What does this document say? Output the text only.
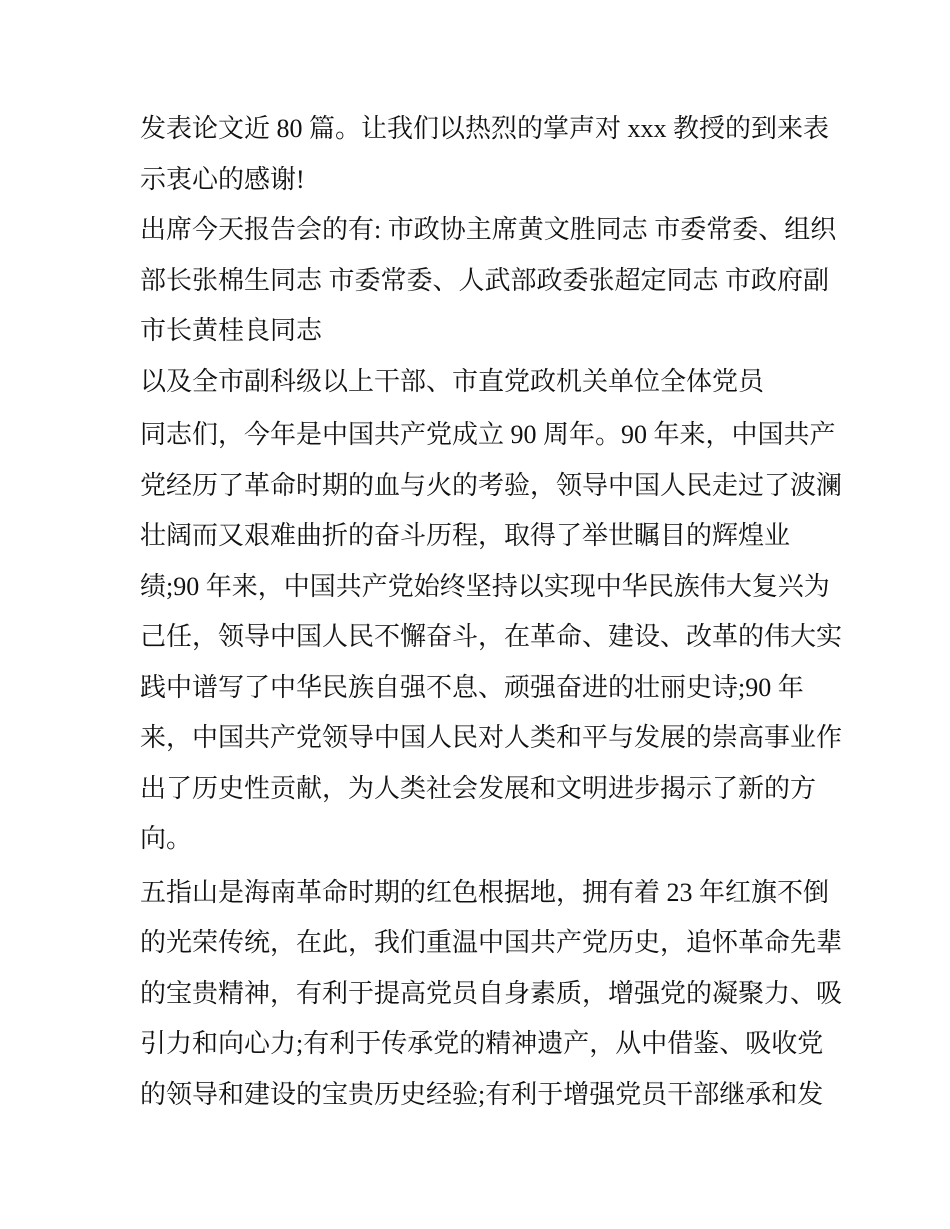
发表论文近 80 篇。让我们以热烈的掌声对 xxx 教授的到来表
示衷心的感谢!
出席今天报告会的有: 市政协主席黄文胜同志 市委常委、组织
部长张棉生同志 市委常委、人武部政委张超定同志 市政府副
市长黄桂良同志
以及全市副科级以上干部、市直党政机关单位全体党员
同志们，今年是中国共产党成立 90 周年。90 年来，中国共产
党经历了革命时期的血与火的考验，领导中国人民走过了波澜
壮阔而又艰难曲折的奋斗历程，取得了举世瞩目的辉煌业
绩;90 年来，中国共产党始终坚持以实现中华民族伟大复兴为
己任，领导中国人民不懈奋斗，在革命、建设、改革的伟大实
践中谱写了中华民族自强不息、顽强奋进的壮丽史诗;90 年
来，中国共产党领导中国人民对人类和平与发展的崇高事业作
出了历史性贡献，为人类社会发展和文明进步揭示了新的方
向。
五指山是海南革命时期的红色根据地，拥有着 23 年红旗不倒
的光荣传统，在此，我们重温中国共产党历史，追怀革命先辈
的宝贵精神，有利于提高党员自身素质，增强党的凝聚力、吸
引力和向心力;有利于传承党的精神遗产，从中借鉴、吸收党
的领导和建设的宝贵历史经验;有利于增强党员干部继承和发
